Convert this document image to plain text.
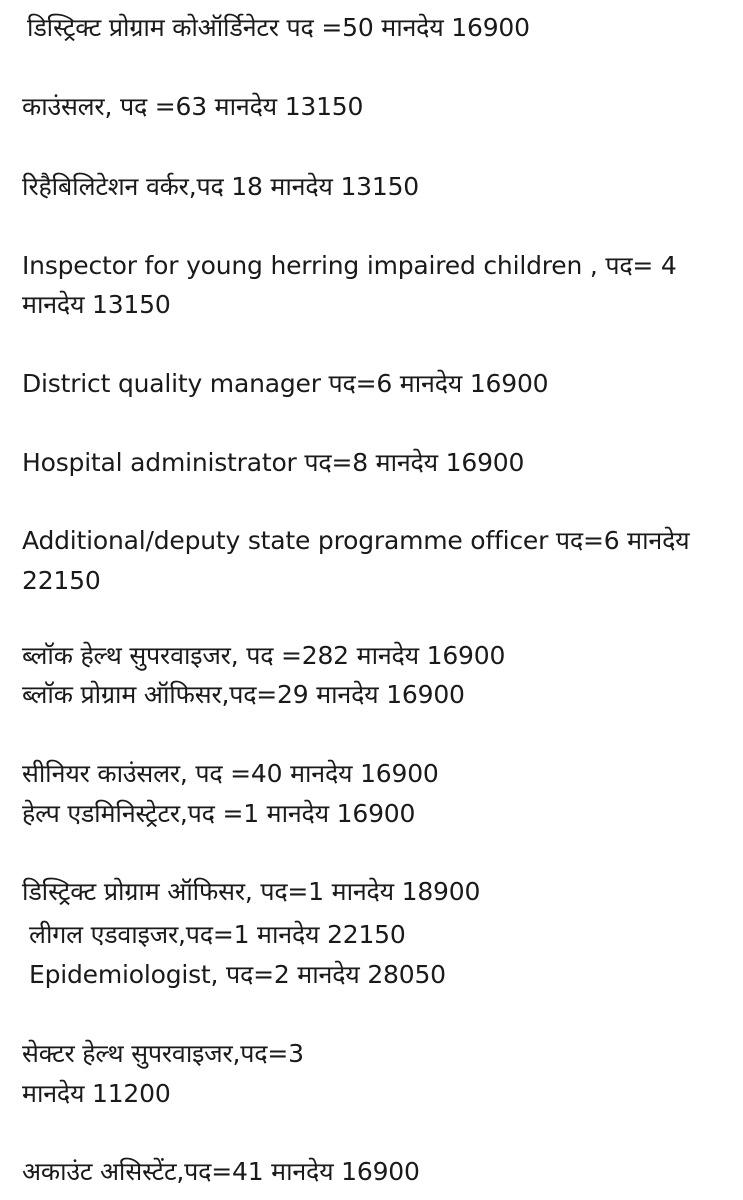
डिस्ट्रिक्ट प्रोग्राम कोऑर्डिनेटर पद =50 मानदेय 16900
काउंसलर, पद =63 मानदेय 13150
रिहैबिलिटेशन वर्कर,पद 18 मानदेय 13150
Inspector for young herring impaired children , पद= 4
मानदेय 13150
District quality manager पद=6 मानदेय 16900
Hospital administrator पद=8 मानदेय 16900
Additional/deputy state programme officer पद=6 मानदेय
22150
ब्लॉक हेल्थ सुपरवाइजर, पद =282 मानदेय 16900
ब्लॉक प्रोग्राम ऑफिसर,पद=29 मानदेय 16900
सीनियर काउंसलर, पद =40 मानदेय 16900
हेल्प एडमिनिस्ट्रेटर,पद =1 मानदेय 16900
डिस्ट्रिक्ट प्रोग्राम ऑफिसर, पद=1 मानदेय 18900
लीगल एडवाइजर,पद=1 मानदेय 22150
Epidemiologist, पद=2 मानदेय 28050
सेक्टर हेल्थ सुपरवाइजर,पद=3
मानदेय 11200
अकाउंट असिस्टेंट,पद=41 मानदेय 16900
